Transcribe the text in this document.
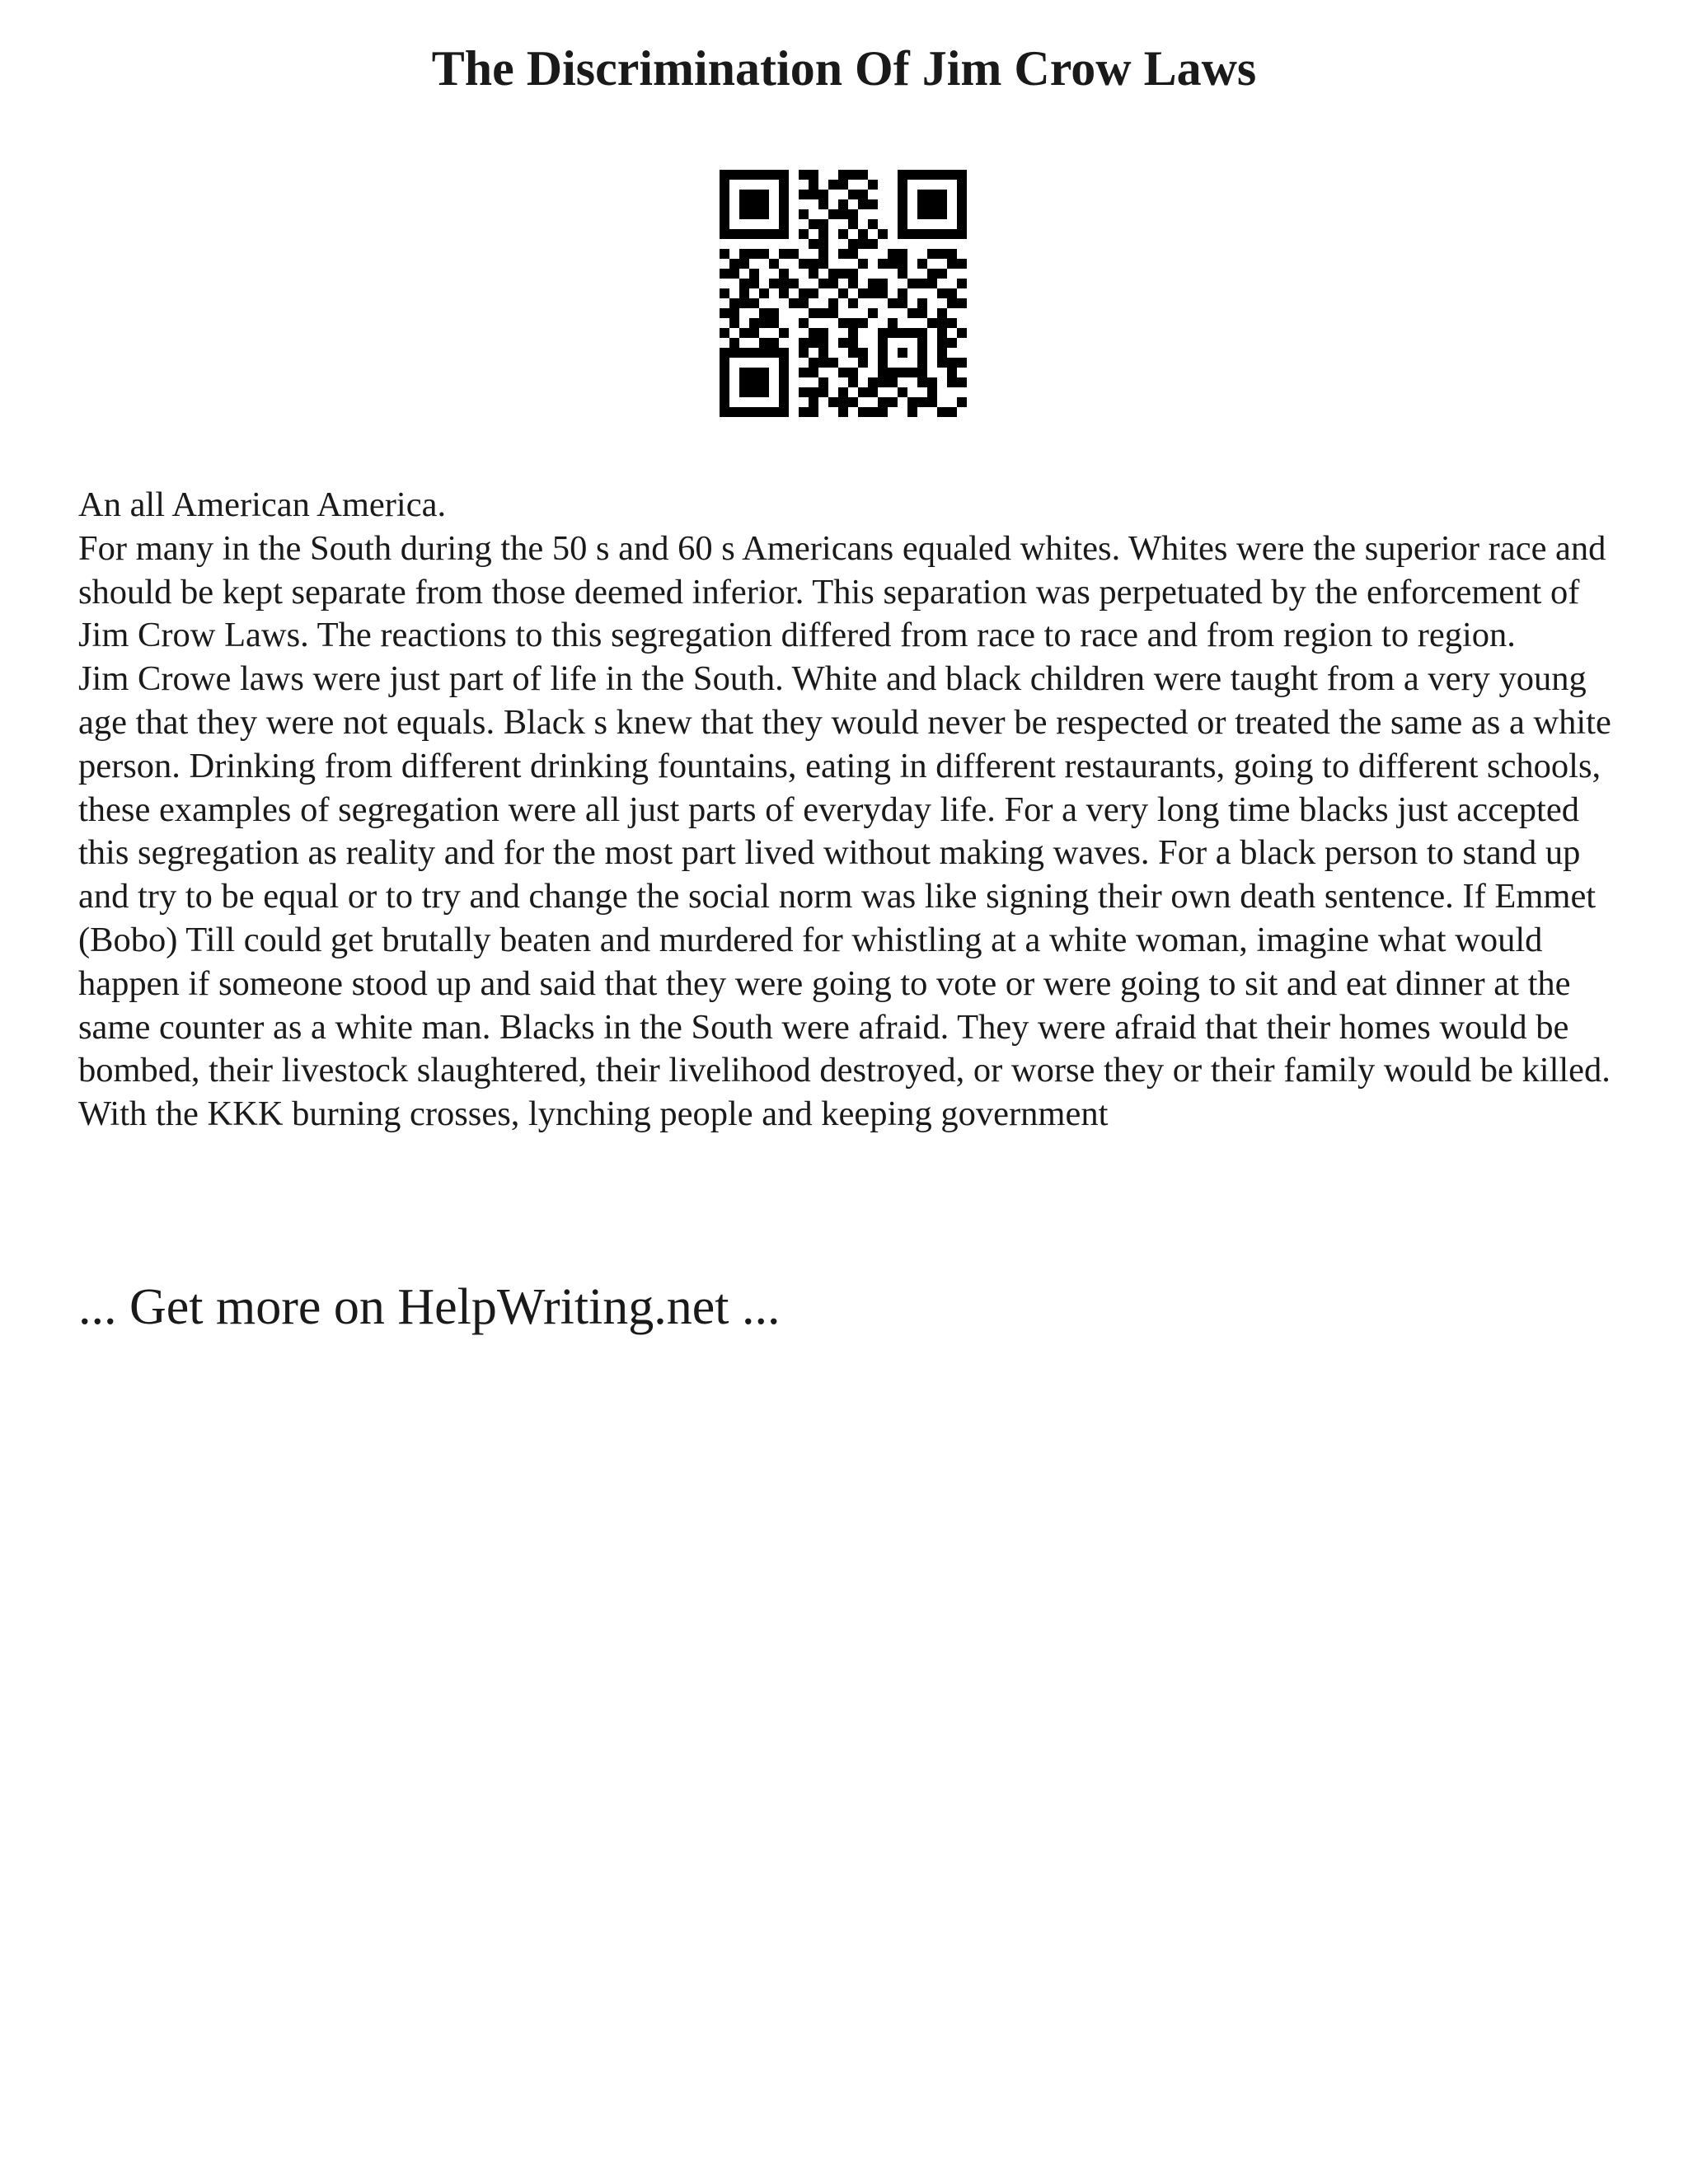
The Discrimination Of Jim Crow Laws

An all American America.

For many in the South during the 50 s and 60 s Americans equaled whites. Whites were the superior race and should be kept separate from those deemed inferior. This separation was perpetuated by the enforcement of Jim Crow Laws. The reactions to this segregation differed from race to race and from region to region.

Jim Crowe laws were just part of life in the South. White and black children were taught from a very young age that they were not equals. Black s knew that they would never be respected or treated the same as a white person. Drinking from different drinking fountains, eating in different restaurants, going to different schools, these examples of segregation were all just parts of everyday life. For a very long time blacks just accepted this segregation as reality and for the most part lived without making waves. For a black person to stand up and try to be equal or to try and change the social norm was like signing their own death sentence. If Emmet (Bobo) Till could get brutally beaten and murdered for whistling at a white woman, imagine what would happen if someone stood up and said that they were going to vote or were going to sit and eat dinner at the same counter as a white man. Blacks in the South were afraid. They were afraid that their homes would be bombed, their livestock slaughtered, their livelihood destroyed, or worse they or their family would be killed. With the KKK burning crosses, lynching people and keeping government

... Get more on HelpWriting.net ...
